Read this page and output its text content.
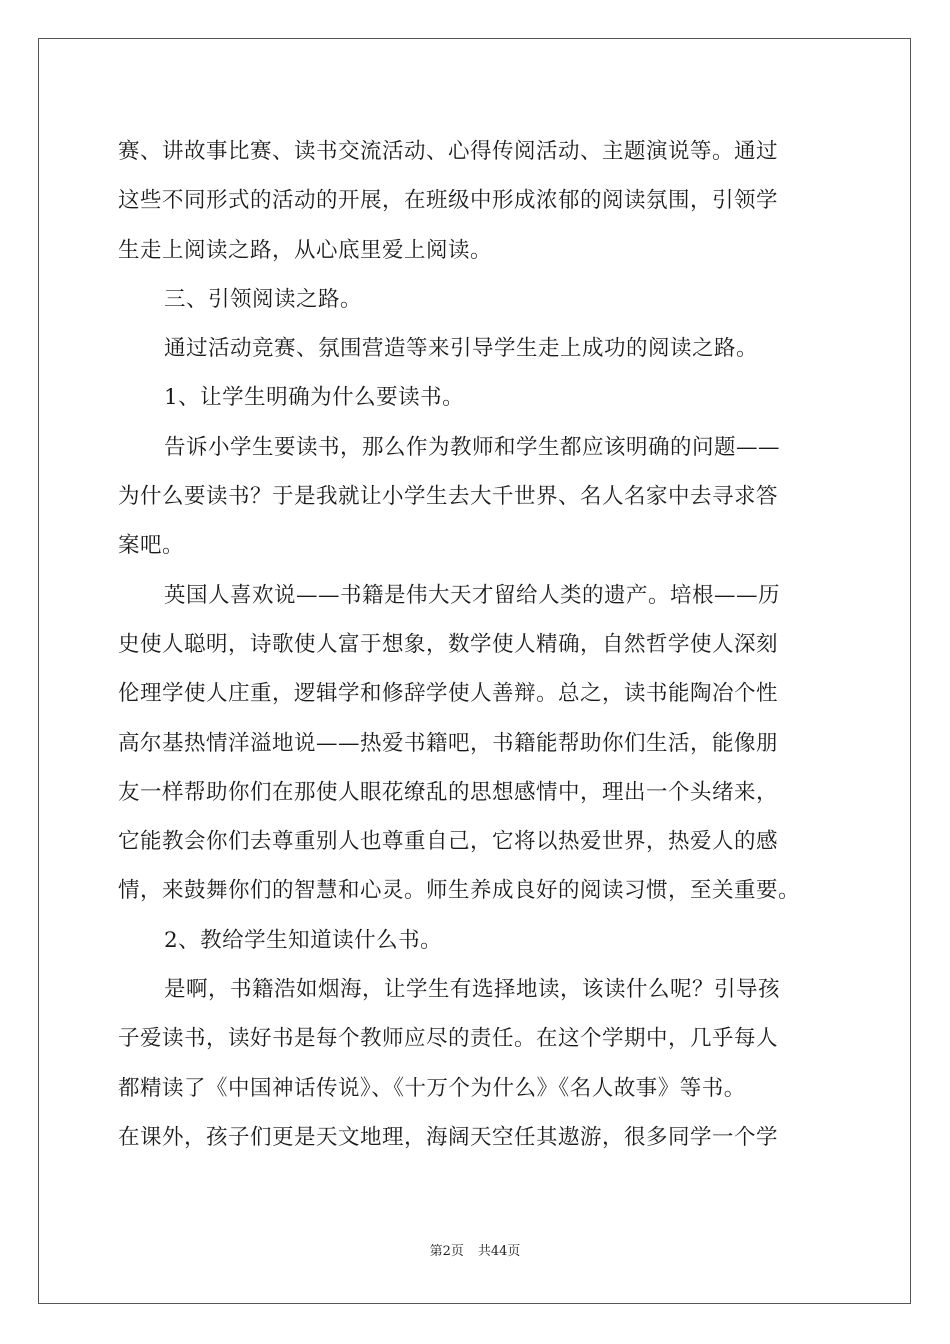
赛、讲故事比赛、读书交流活动、心得传阅活动、主题演说等。通过
这些不同形式的活动的开展，在班级中形成浓郁的阅读氛围，引领学
生走上阅读之路，从心底里爱上阅读。
三、引领阅读之路。
通过活动竞赛、氛围营造等来引导学生走上成功的阅读之路。
1、让学生明确为什么要读书。
告诉小学生要读书，那么作为教师和学生都应该明确的问题——
为什么要读书？于是我就让小学生去大千世界、名人名家中去寻求答
案吧。
英国人喜欢说——书籍是伟大天才留给人类的遗产。培根——历
史使人聪明，诗歌使人富于想象，数学使人精确，自然哲学使人深刻
伦理学使人庄重，逻辑学和修辞学使人善辩。总之，读书能陶冶个性
高尔基热情洋溢地说——热爱书籍吧，书籍能帮助你们生活，能像朋
友一样帮助你们在那使人眼花缭乱的思想感情中，理出一个头绪来，
它能教会你们去尊重别人也尊重自己，它将以热爱世界，热爱人的感
情，来鼓舞你们的智慧和心灵。师生养成良好的阅读习惯，至关重要。
2、教给学生知道读什么书。
是啊，书籍浩如烟海，让学生有选择地读，该读什么呢？引导孩
子爱读书，读好书是每个教师应尽的责任。在这个学期中，几乎每人
都精读了《中国神话传说》、《十万个为什么》《名人故事》等书。
在课外，孩子们更是天文地理，海阔天空任其遨游，很多同学一个学
第2页 共44页
